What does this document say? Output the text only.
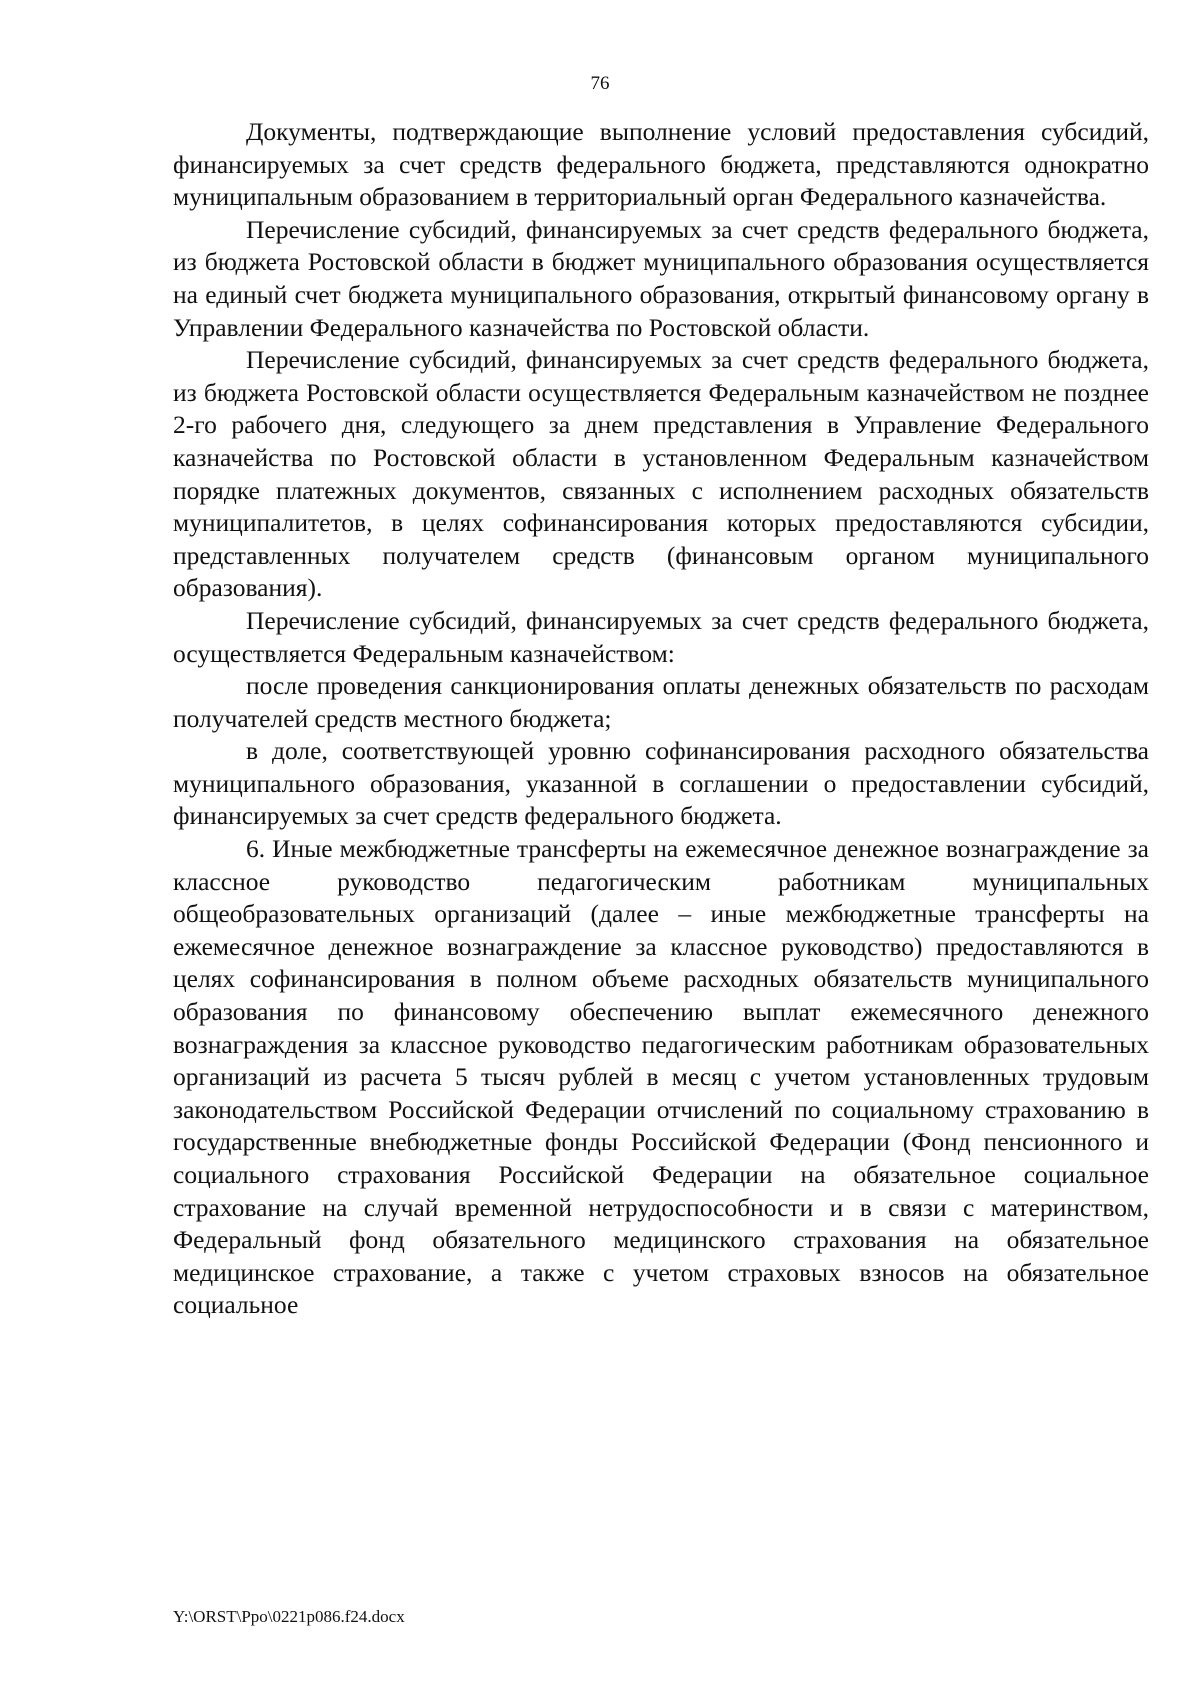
76

Документы, подтверждающие выполнение условий предоставления субсидий, финансируемых за счет средств федерального бюджета, представляются однократно муниципальным образованием в территориальный орган Федерального казначейства.

Перечисление субсидий, финансируемых за счет средств федерального бюджета, из бюджета Ростовской области в бюджет муниципального образования осуществляется на единый счет бюджета муниципального образования, открытый финансовому органу в Управлении Федерального казначейства по Ростовской области.

Перечисление субсидий, финансируемых за счет средств федерального бюджета, из бюджета Ростовской области осуществляется Федеральным казначейством не позднее 2-го рабочего дня, следующего за днем представления в Управление Федерального казначейства по Ростовской области в установленном Федеральным казначейством порядке платежных документов, связанных с исполнением расходных обязательств муниципалитетов, в целях софинансирования которых предоставляются субсидии, представленных получателем средств (финансовым органом муниципального образования).

Перечисление субсидий, финансируемых за счет средств федерального бюджета, осуществляется Федеральным казначейством:

после проведения санкционирования оплаты денежных обязательств по расходам получателей средств местного бюджета;

в доле, соответствующей уровню софинансирования расходного обязательства муниципального образования, указанной в соглашении о предоставлении субсидий, финансируемых за счет средств федерального бюджета.

6. Иные межбюджетные трансферты на ежемесячное денежное вознаграждение за классное руководство педагогическим работникам муниципальных общеобразовательных организаций (далее – иные межбюджетные трансферты на ежемесячное денежное вознаграждение за классное руководство) предоставляются в целях софинансирования в полном объеме расходных обязательств муниципального образования по финансовому обеспечению выплат ежемесячного денежного вознаграждения за классное руководство педагогическим работникам образовательных организаций из расчета 5 тысяч рублей в месяц с учетом установленных трудовым законодательством Российской Федерации отчислений по социальному страхованию в государственные внебюджетные фонды Российской Федерации (Фонд пенсионного и социального страхования Российской Федерации на обязательное социальное страхование на случай временной нетрудоспособности и в связи с материнством, Федеральный фонд обязательного медицинского страхования на обязательное медицинское страхование, а также с учетом страховых взносов на обязательное социальное

Y:\ORST\Ppo\0221p086.f24.docx
